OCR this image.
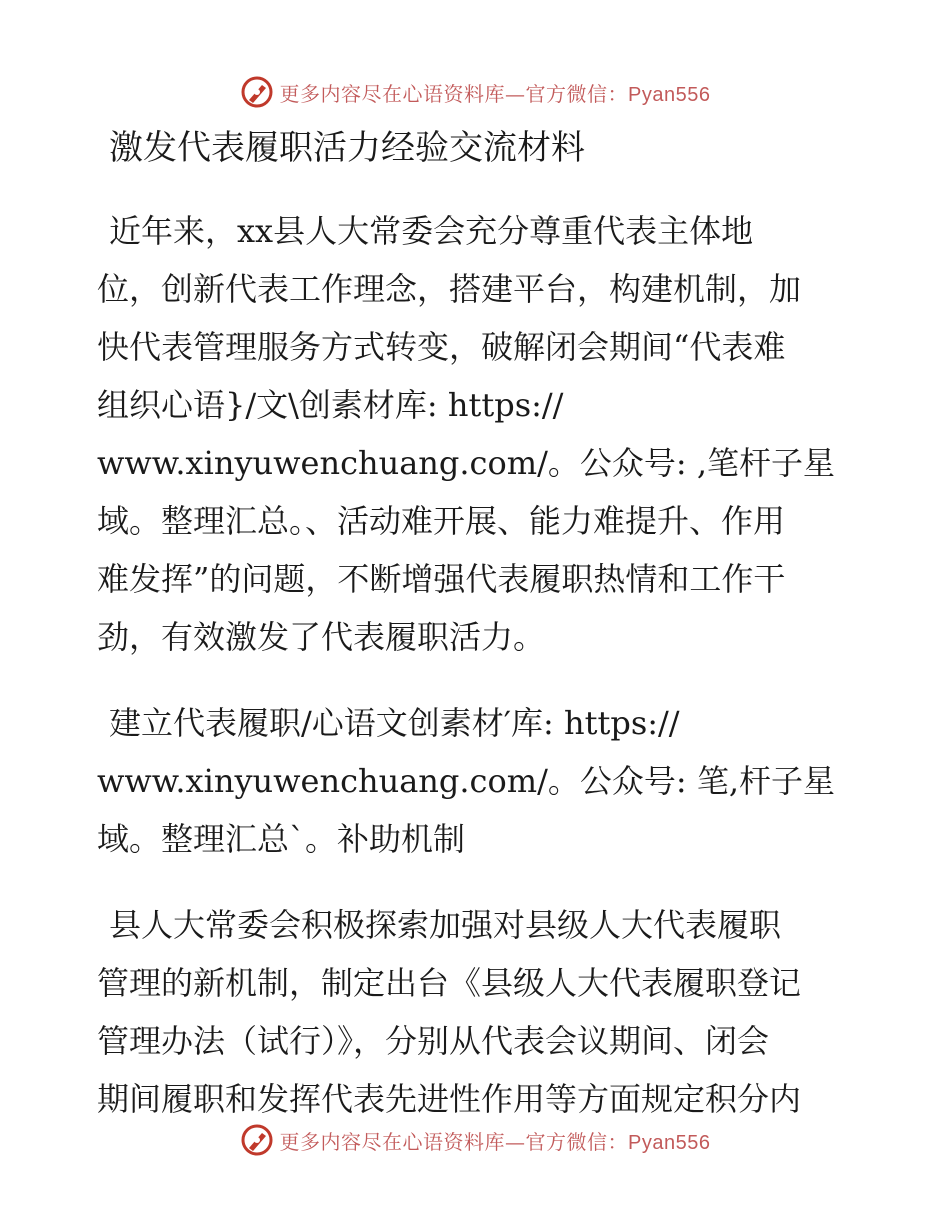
更多内容尽在心语资料库—官方微信：Pyan556
激发代表履职活力经验交流材料

近年来，xx县人大常委会充分尊重代表主体地
位，创新代表工作理念，搭建平台，构建机制，加
快代表管理服务方式转变，破解闭会期间“代表难
组织心语}/文\创素材库: https://
www.xinyuwenchuang.com/。公众号: ,笔杆子星
域。整理汇总。、活动难开展、能力难提升、作用
难发挥”的问题，不断增强代表履职热情和工作干
劲，有效激发了代表履职活力。

建立代表履职/心语文创素材′库: https://
www.xinyuwenchuang.com/。公众号: 笔,杆子星
域。整理汇总`。补助机制

县人大常委会积极探索加强对县级人大代表履职
管理的新机制，制定出台《县级人大代表履职登记
管理办法（试行）》，分别从代表会议期间、闭会
期间履职和发挥代表先进性作用等方面规定积分内

更多内容尽在心语资料库—官方微信：Pyan556
